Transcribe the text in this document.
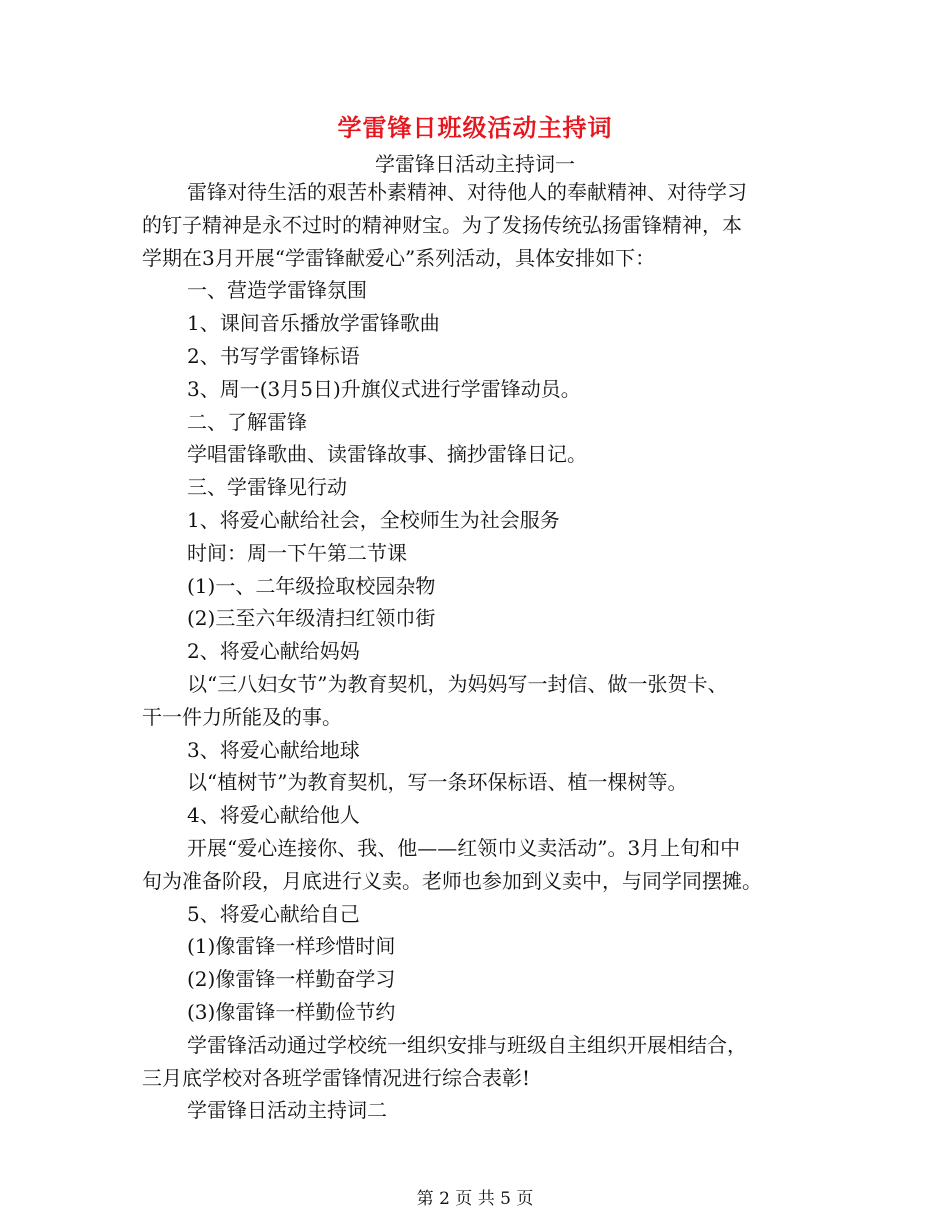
学雷锋日班级活动主持词
学雷锋日活动主持词一
雷锋对待生活的艰苦朴素精神、对待他人的奉献精神、对待学习
的钉子精神是永不过时的精神财宝。为了发扬传统弘扬雷锋精神，本
学期在3月开展“学雷锋献爱心”系列活动，具体安排如下：
一、营造学雷锋氛围
1、课间音乐播放学雷锋歌曲
2、书写学雷锋标语
3、周一(3月5日)升旗仪式进行学雷锋动员。
二、了解雷锋
学唱雷锋歌曲、读雷锋故事、摘抄雷锋日记。
三、学雷锋见行动
1、将爱心献给社会，全校师生为社会服务
时间：周一下午第二节课
(1)一、二年级捡取校园杂物
(2)三至六年级清扫红领巾街
2、将爱心献给妈妈
以“三八妇女节”为教育契机，为妈妈写一封信、做一张贺卡、
干一件力所能及的事。
3、将爱心献给地球
以“植树节”为教育契机，写一条环保标语、植一棵树等。
4、将爱心献给他人
开展“爱心连接你、我、他——红领巾义卖活动”。3月上旬和中
旬为准备阶段，月底进行义卖。老师也参加到义卖中，与同学同摆摊。
5、将爱心献给自己
(1)像雷锋一样珍惜时间
(2)像雷锋一样勤奋学习
(3)像雷锋一样勤俭节约
学雷锋活动通过学校统一组织安排与班级自主组织开展相结合，
三月底学校对各班学雷锋情况进行综合表彰!
学雷锋日活动主持词二
第 2 页 共 5 页
